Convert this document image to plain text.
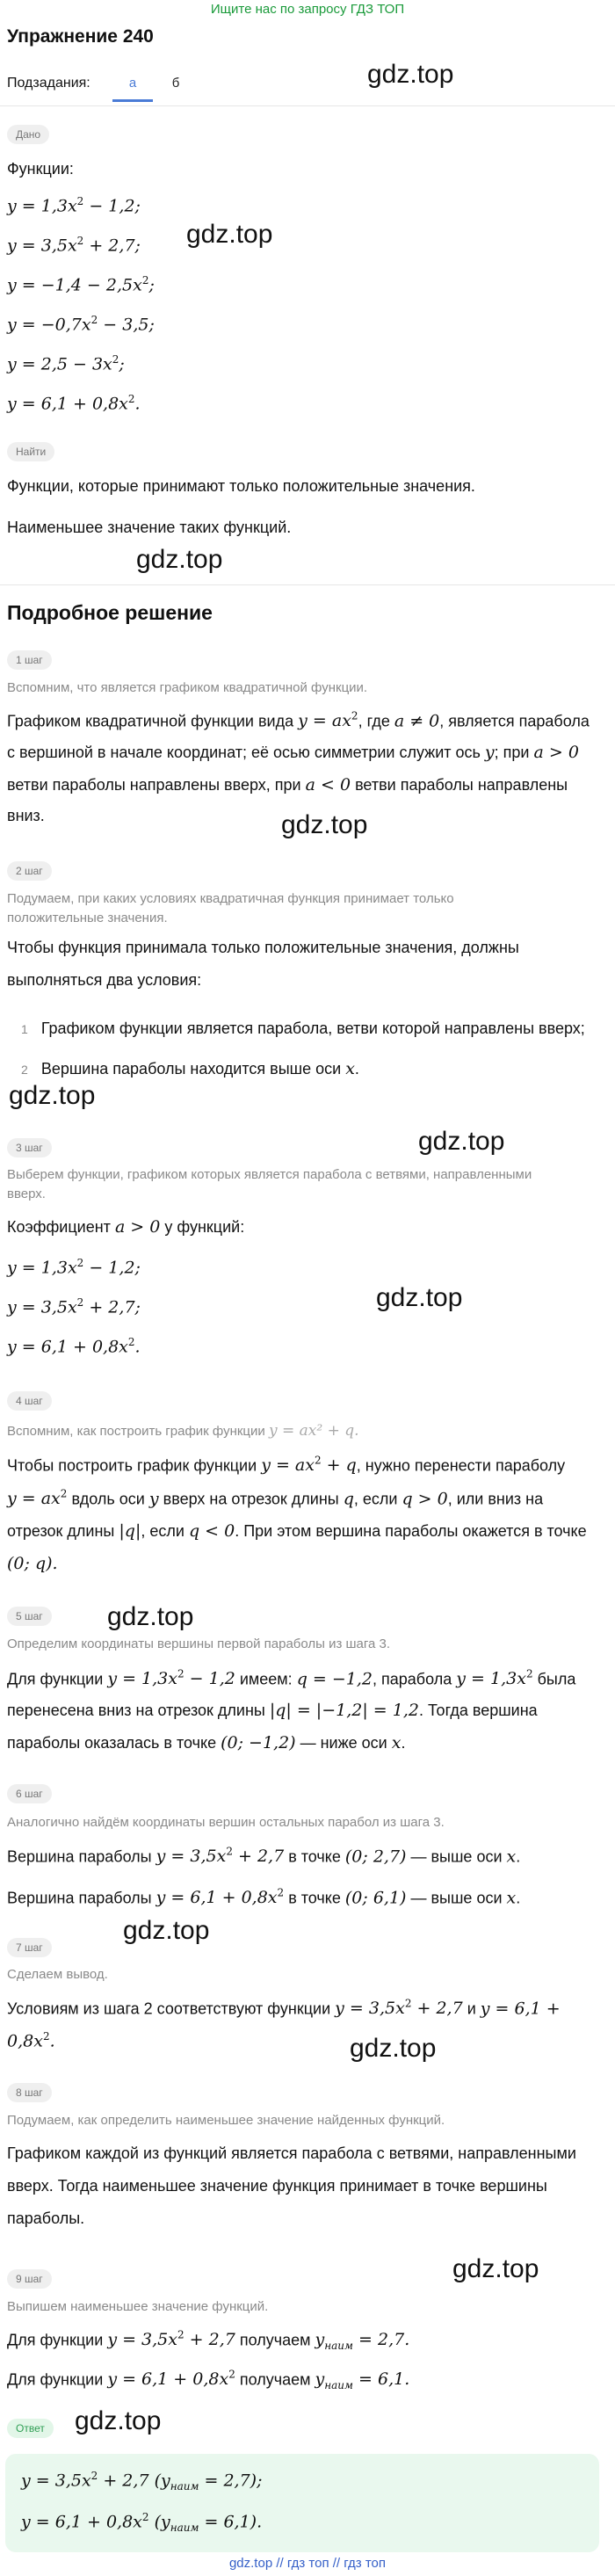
Ищите нас по запросу ГДЗ ТОП
Упражнение 240
Подзадания:	а	б
Дано
Функции:
$y = 1,3x^2 - 1,2$;
$y = 3,5x^2 + 2,7$;
$y = -1,4 - 2,5x^2$;
$y = -0,7x^2 - 3,5$;
$y = 2,5 - 3x^2$;
$y = 6,1 + 0,8x^2$.
gdz.top
gdz.top
Найти
Функции, которые принимают только положительные значения.
Наименьшее значение таких функций.
gdz.top
Подробное решение
1 шаг
Вспомним, что является графиком квадратичной функции.
Графиком квадратичной функции вида $y = ax^2$, где a ≠ 0, является парабола
с вершиной в начале координат; её осью симметрии служит ось y; при a > 0
ветви параболы направлены вверх, при a < 0 ветви параболы направлены
вниз.	gdz.top
2 шаг
Подумаем, при каких условиях квадратичная функция принимает только
положительные значения.
Чтобы функция принимала только положительные значения, должны
выполняться два условия:
1 Графиком функции является парабола, ветви которой направлены вверх;
2 Вершина параболы находится выше оси x.
gdz.top
gdz.top
3 шаг
Выберем функции, графиком которых является парабола с ветвями, направленными
вверх.
Коэффициент a > 0 у функций:
$y = 1,3x^2 - 1,2$;
$y = 3,5x^2 + 2,7$;
$y = 6,1 + 0,8x^2$.
gdz.top
4 шаг
Вспомним, как построить график функции y = ax² + q.
Чтобы построить график функции $y = ax^2 + q$, нужно перенести параболу
$y = ax^2$ вдоль оси y вверх на отрезок длины q, если q > 0, или вниз на
отрезок длины |q|, если q < 0. При этом вершина параболы окажется в точке
(0; q).
gdz.top
5 шаг
Определим координаты вершины первой параболы из шага 3.
Для функции $y = 1,3x^2 - 1,2$ имеем: q = −1,2, парабола $y = 1,3x^2$ была
перенесена вниз на отрезок длины |q| = |−1,2| = 1,2. Тогда вершина
параболы оказалась в точке (0; −1,2) — ниже оси x.
6 шаг
Аналогично найдём координаты вершин остальных парабол из шага 3.
Вершина параболы $y = 3,5x^2 + 2,7$ в точке (0; 2,7) — выше оси x.
Вершина параболы $y = 6,1 + 0,8x^2$ в точке (0; 6,1) — выше оси x.
gdz.top
7 шаг
Сделаем вывод.
Условиям из шага 2 соответствуют функции $y = 3,5x^2 + 2,7$ и y = 6,1 +
$0,8x^2$.	gdz.top
8 шаг
Подумаем, как определить наименьшее значение найденных функций.
Графиком каждой из функций является парабола с ветвями, направленными
вверх. Тогда наименьшее значение функция принимает в точке вершины
параболы.
gdz.top
9 шаг
Выпишем наименьшее значение функций.
Для функции $y = 3,5x^2 + 2,7$ получаем $y_{наим} = 2,7$.
Для функции $y = 6,1 + 0,8x^2$ получаем $y_{наим} = 6,1$.
Ответ	gdz.top
$y = 3,5x^2 + 2,7$ $(y_{наим} = 2,7)$;
$y = 6,1 + 0,8x^2$ $(y_{наим} = 6,1)$.
gdz.top // гдз топ // гдз топ
